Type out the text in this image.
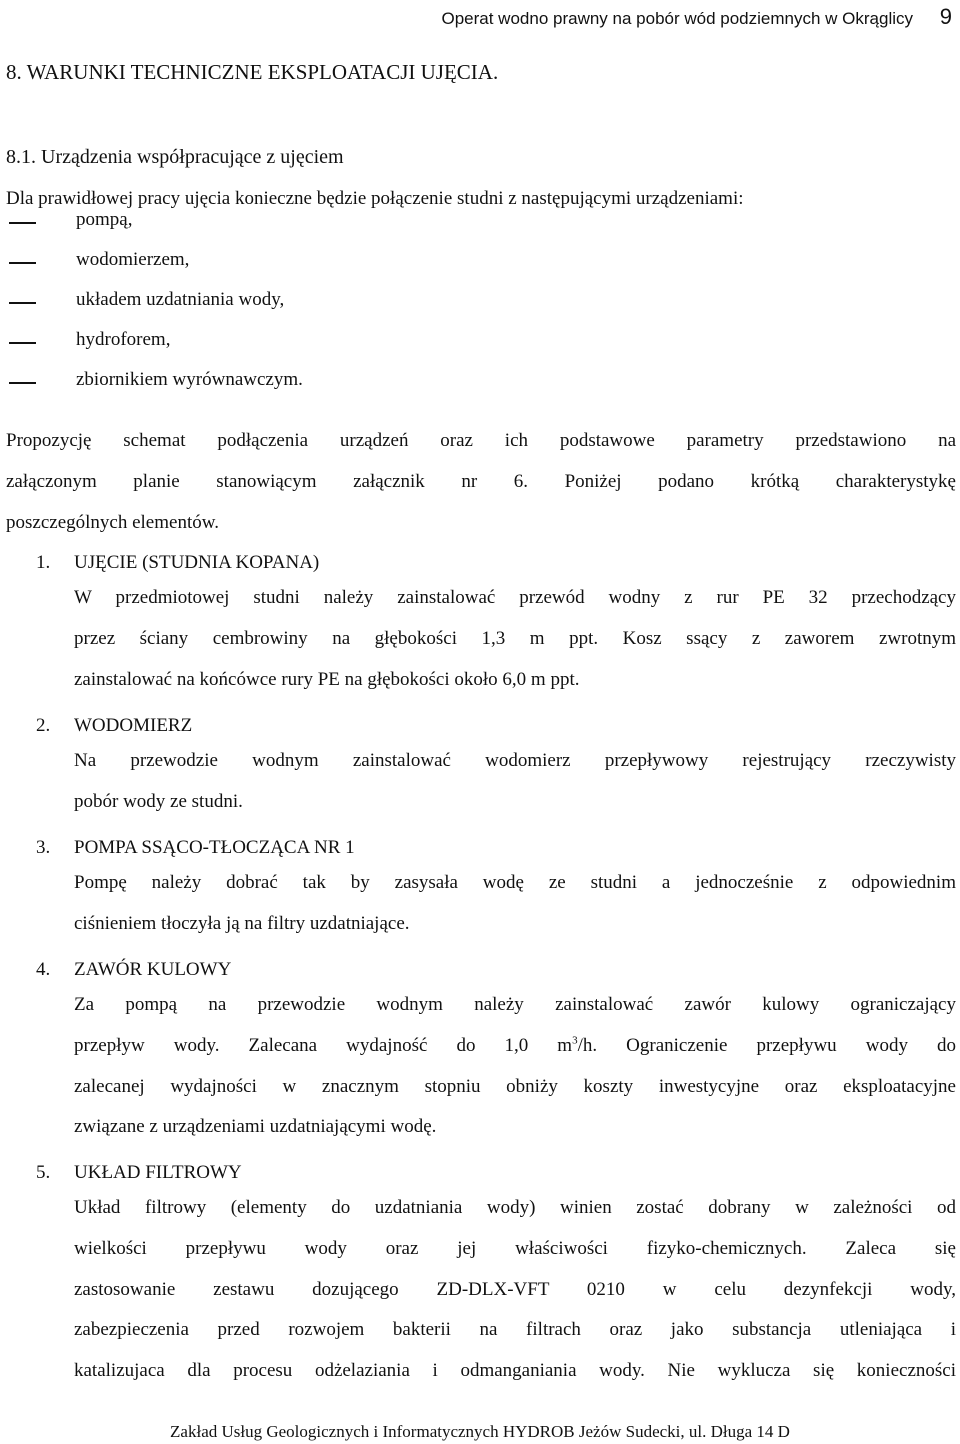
Operat wodno prawny na pobór wód podziemnych w Okrąglicy 9
8. WARUNKI TECHNICZNE EKSPLOATACJI UJĘCIA.
8.1. Urządzenia współpracujące z ujęciem
Dla prawidłowej pracy ujęcia konieczne będzie połączenie studni z następującymi urządzeniami:
pompą,
wodomierzem,
układem uzdatniania wody,
hydroforem,
zbiornikiem wyrównawczym.
Propozycję schemat podłączenia urządzeń oraz ich podstawowe parametry przedstawiono na
załączonym planie stanowiącym załącznik nr 6. Poniżej podano krótką charakterystykę
poszczególnych elementów.
1. UJĘCIE (STUDNIA KOPANA)
W przedmiotowej studni należy zainstalować przewód wodny z rur PE 32 przechodzący
przez ściany cembrowiny na głębokości 1,3 m ppt. Kosz ssący z zaworem zwrotnym
zainstalować na końcówce rury PE na głębokości około 6,0 m ppt.
2. WODOMIERZ
Na przewodzie wodnym zainstalować wodomierz przepływowy rejestrujący rzeczywisty
pobór wody ze studni.
3. POMPA SSĄCO-TŁOCZĄCA NR 1
Pompę należy dobrać tak by zasysała wodę ze studni a jednocześnie z odpowiednim
ciśnieniem tłoczyła ją na filtry uzdatniające.
4. ZAWÓR KULOWY
Za pompą na przewodzie wodnym należy zainstalować zawór kulowy ograniczający
przepływ wody. Zalecana wydajność do 1,0 $m^3/h$. Ograniczenie przepływu wody do
zalecanej wydajności w znacznym stopniu obniży koszty inwestycyjne oraz eksploatacyjne
związane z urządzeniami uzdatniającymi wodę.
5. UKŁAD FILTROWY
Układ filtrowy (elementy do uzdatniania wody) winien zostać dobrany w zależności od
wielkości przepływu wody oraz jej właściwości fizyko-chemicznych. Zaleca się
zastosowanie zestawu dozującego ZD-DLX-VFT 0210 w celu dezynfekcji wody,
zabezpieczenia przed rozwojem bakterii na filtrach oraz jako substancja utleniająca i
katalizujaca dla procesu odżelaziania i odmanganiania wody. Nie wyklucza się konieczności
Zakład Usług Geologicznych i Informatycznych HYDROB Jeżów Sudecki, ul. Długa 14 D
